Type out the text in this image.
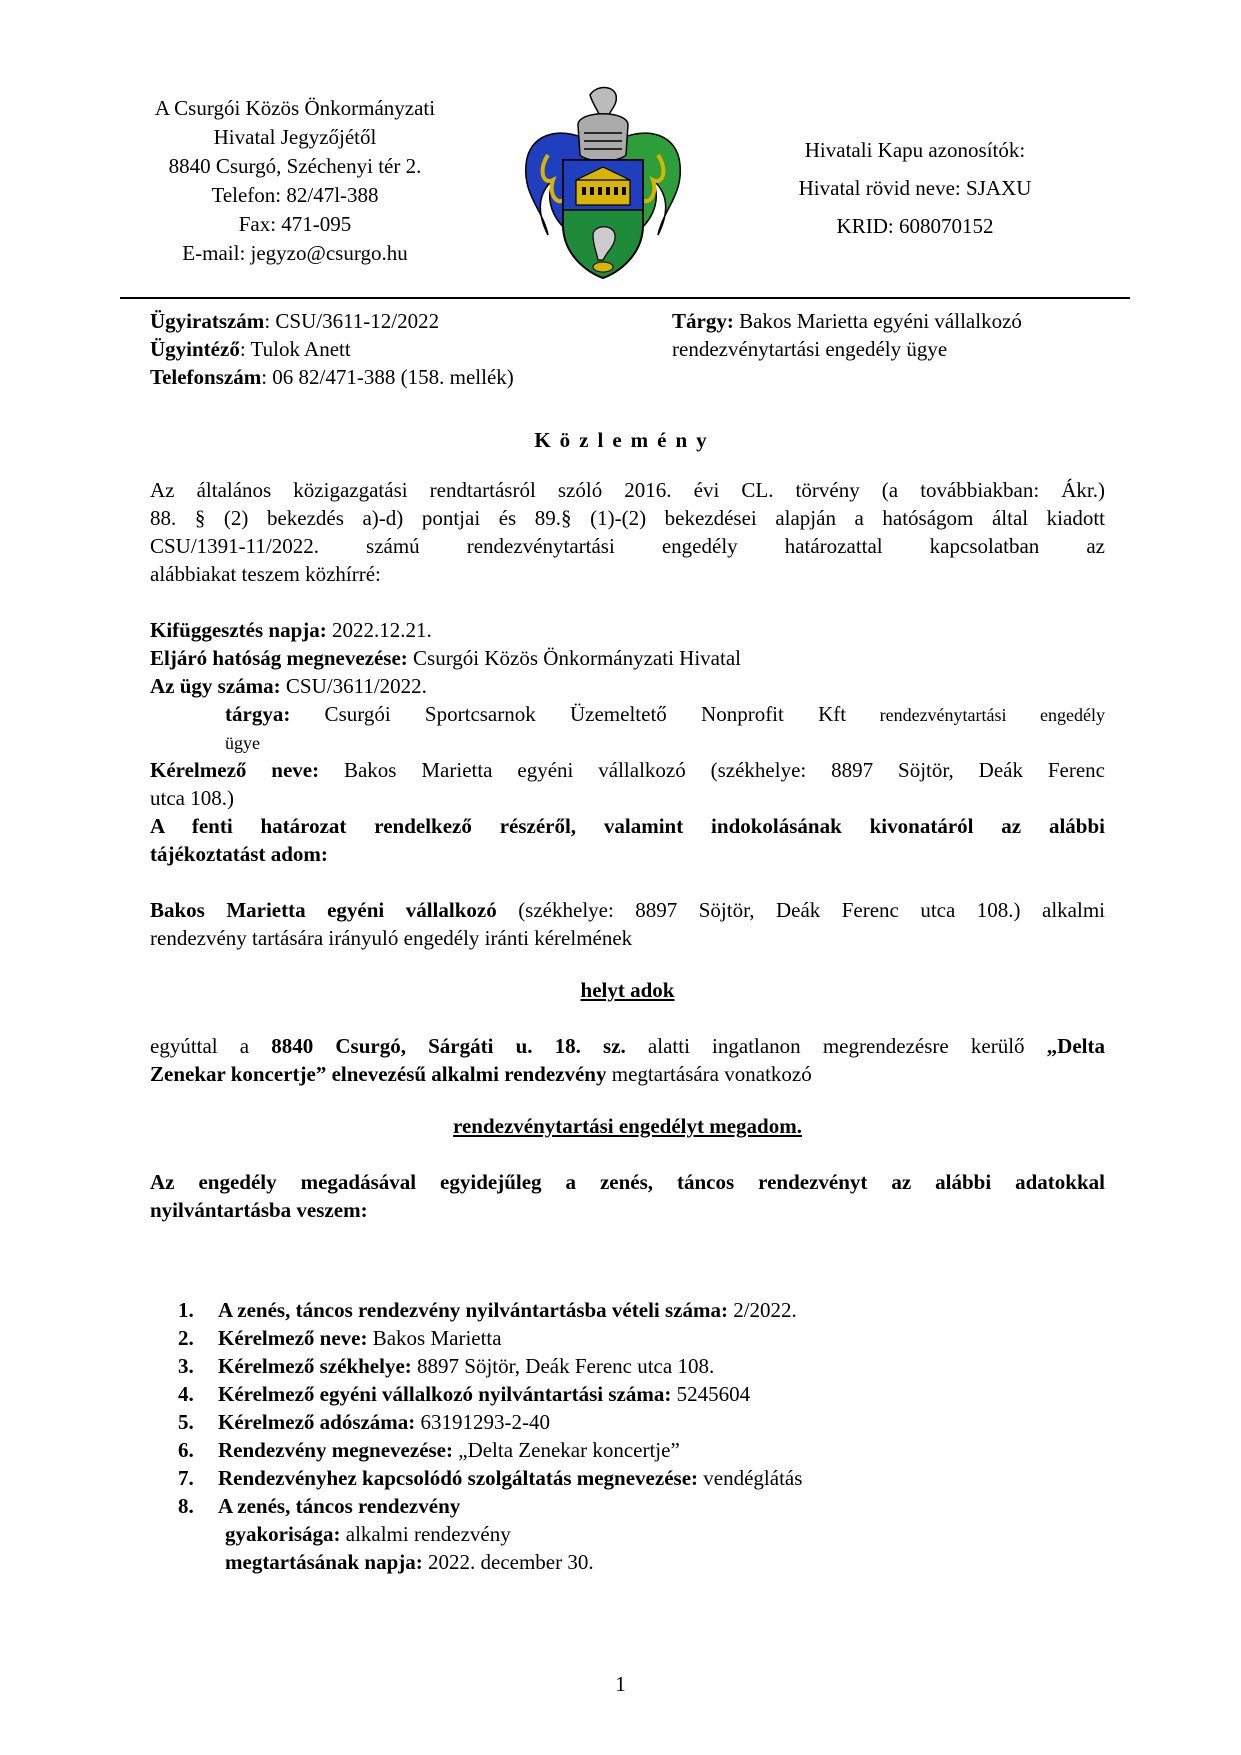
A Csurgói Közös Önkormányzati
Hivatal Jegyzőjétől
8840 Csurgó, Széchenyi tér 2.
Telefon: 82/47l-388
Fax: 471-095
E-mail: jegyzo@csurgo.hu
Hivatali Kapu azonosítók:
Hivatal rövid neve: SJAXU
KRID: 608070152
Ügyiratszám: CSU/3611-12/2022
Ügyintéző: Tulok Anett
Telefonszám: 06 82/471-388 (158. mellék)
Tárgy: Bakos Marietta egyéni vállalkozó
rendezvénytartási engedély ügye
Közlemény
Az általános közigazgatási rendtartásról szóló 2016. évi CL. törvény (a továbbiakban: Ákr.)
88. § (2) bekezdés a)-d) pontjai és 89.§ (1)-(2) bekezdései alapján a hatóságom által kiadott
CSU/1391-11/2022. számú rendezvénytartási engedély határozattal kapcsolatban az
alábbiakat teszem közhírré:
Kifüggesztés napja: 2022.12.21.
Eljáró hatóság megnevezése: Csurgói Közös Önkormányzati Hivatal
Az ügy száma: CSU/3611/2022.
tárgya: Csurgói Sportcsarnok Üzemeltető Nonprofit Kft rendezvénytartási engedély
ügye
Kérelmező neve: Bakos Marietta egyéni vállalkozó (székhelye: 8897 Söjtör, Deák Ferenc
utca 108.)
A fenti határozat rendelkező részéről, valamint indokolásának kivonatáról az alábbi
tájékoztatást adom:
Bakos Marietta egyéni vállalkozó (székhelye: 8897 Söjtör, Deák Ferenc utca 108.) alkalmi
rendezvény tartására irányuló engedély iránti kérelmének
helyt adok
egyúttal a 8840 Csurgó, Sárgáti u. 18. sz. alatti ingatlanon megrendezésre kerülő „Delta
Zenekar koncertje” elnevezésű alkalmi rendezvény megtartására vonatkozó
rendezvénytartási engedélyt megadom.
Az engedély megadásával egyidejűleg a zenés, táncos rendezvényt az alábbi adatokkal
nyilvántartásba veszem:
1. A zenés, táncos rendezvény nyilvántartásba vételi száma: 2/2022.
2. Kérelmező neve: Bakos Marietta
3. Kérelmező székhelye: 8897 Söjtör, Deák Ferenc utca 108.
4. Kérelmező egyéni vállalkozó nyilvántartási száma: 5245604
5. Kérelmező adószáma: 63191293-2-40
6. Rendezvény megnevezése: „Delta Zenekar koncertje”
7. Rendezvényhez kapcsolódó szolgáltatás megnevezése: vendéglátás
8. A zenés, táncos rendezvény
gyakorisága: alkalmi rendezvény
megtartásának napja: 2022. december 30.
1
